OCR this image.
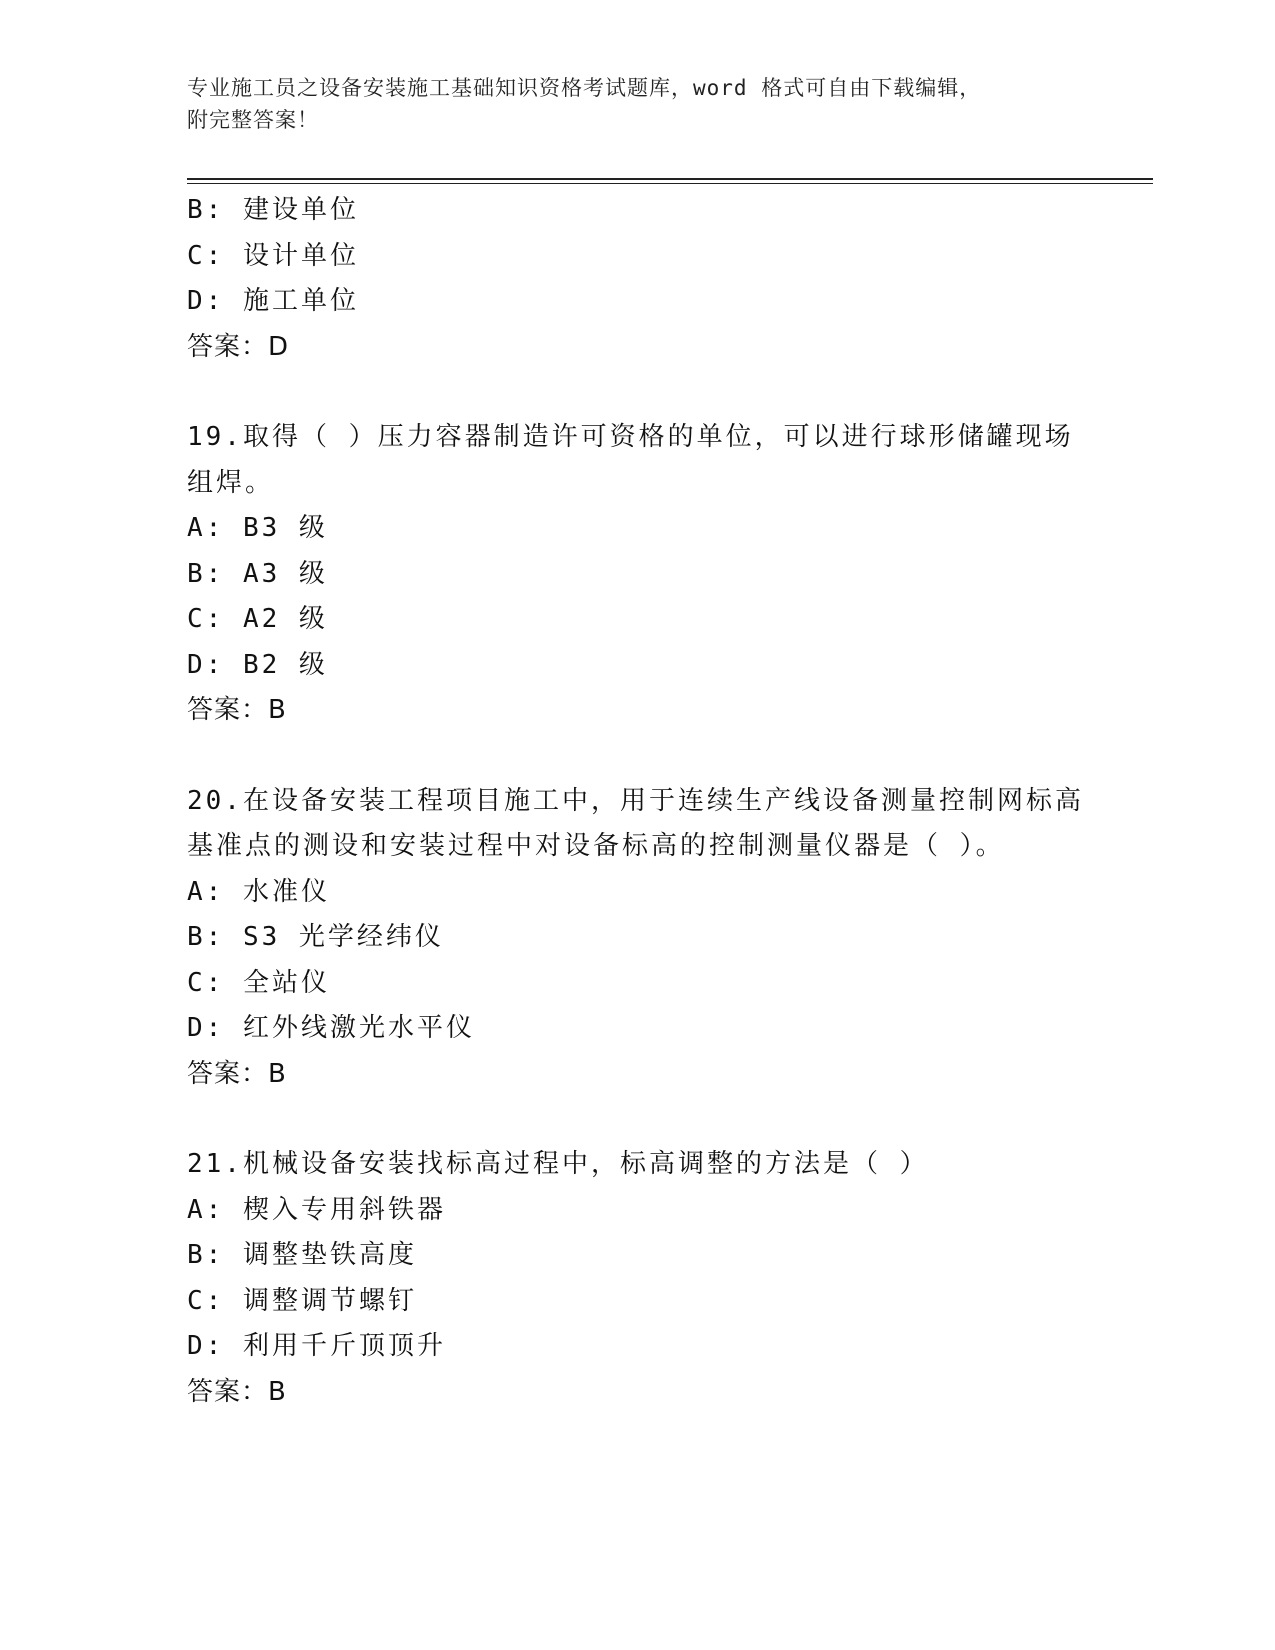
专业施工员之设备安装施工基础知识资格考试题库，word 格式可自由下载编辑，
附完整答案！
B: 建设单位
C: 设计单位
D: 施工单位
答案：D
19.取得（ ）压力容器制造许可资格的单位，可以进行球形储罐现场
组焊。
A: B3 级
B: A3 级
C: A2 级
D: B2 级
答案：B
20.在设备安装工程项目施工中，用于连续生产线设备测量控制网标高
基准点的测设和安装过程中对设备标高的控制测量仪器是（ ）。
A: 水准仪
B: S3 光学经纬仪
C: 全站仪
D: 红外线激光水平仪
答案：B
21.机械设备安装找标高过程中，标高调整的方法是（ ）
A: 楔入专用斜铁器
B: 调整垫铁高度
C: 调整调节螺钉
D: 利用千斤顶顶升
答案：B
